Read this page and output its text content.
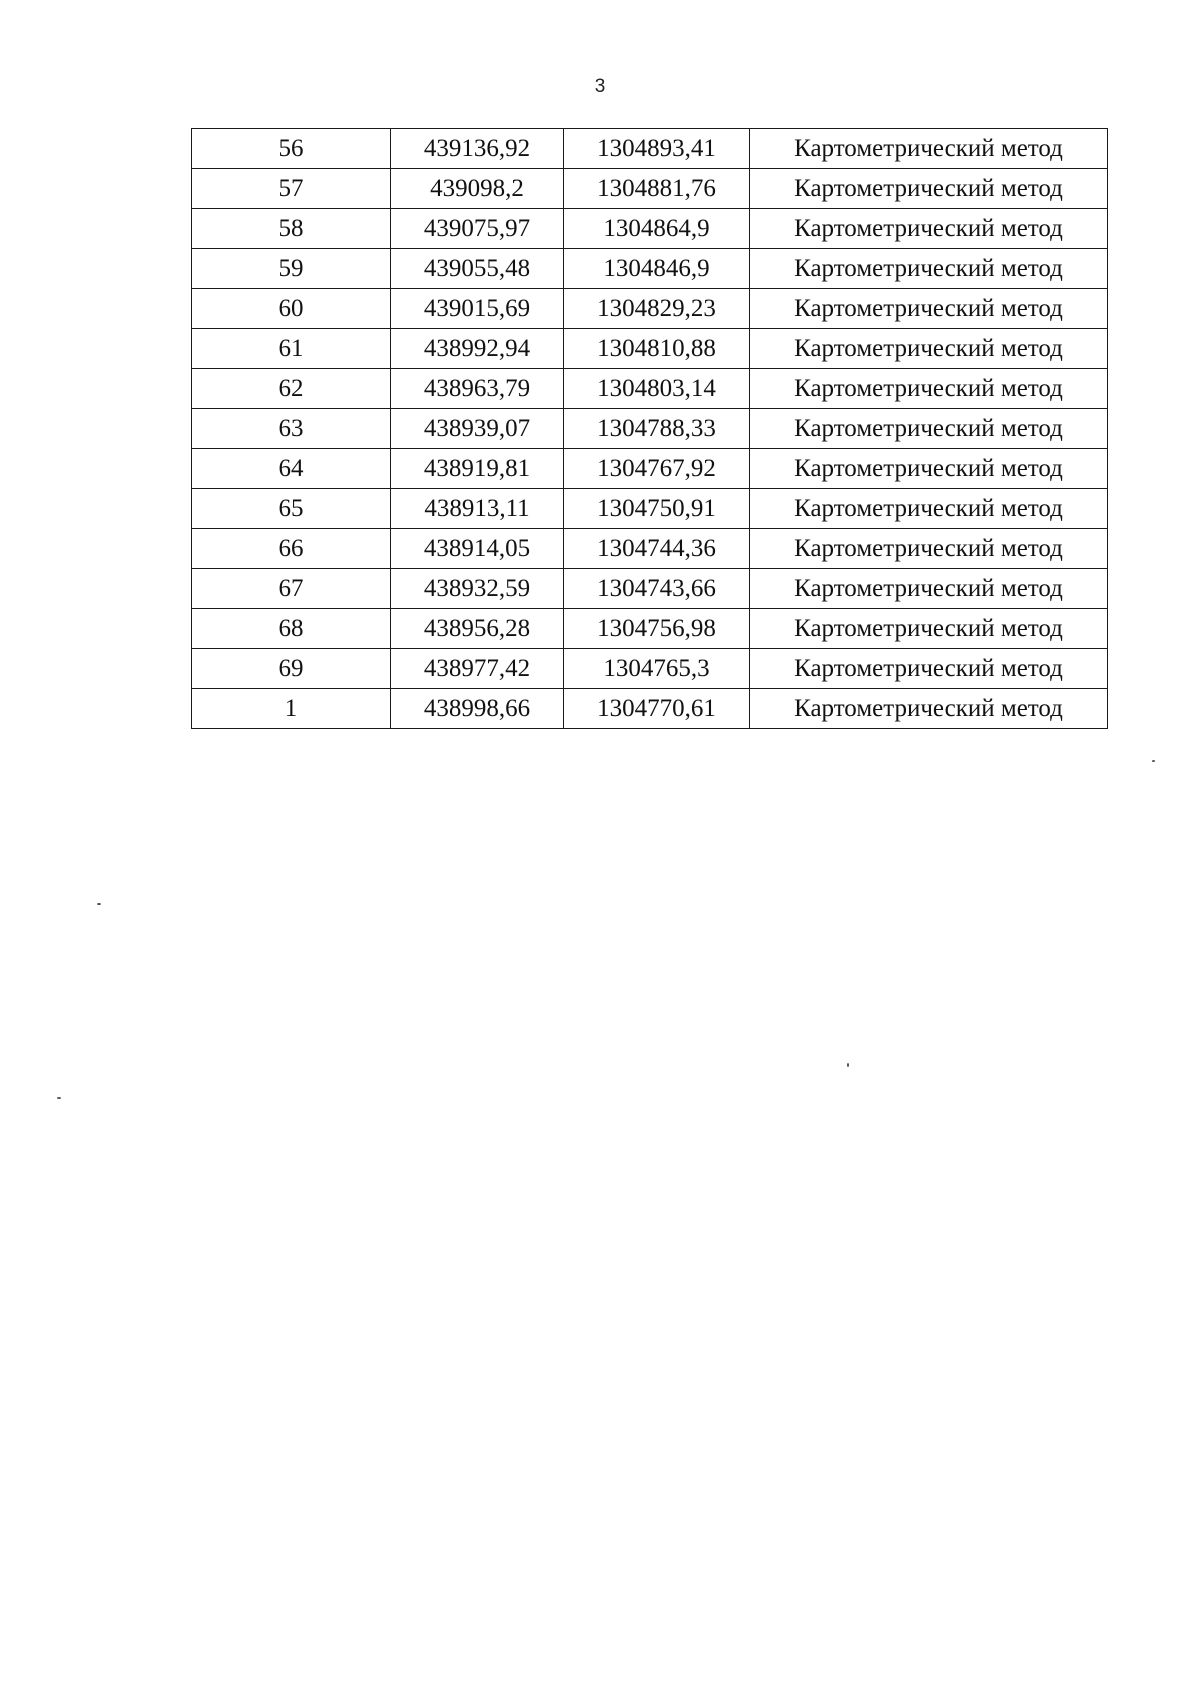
3
56	439136,92	1304893,41	Картометрический метод
57	439098,2	1304881,76	Картометрический метод
58	439075,97	1304864,9	Картометрический метод
59	439055,48	1304846,9	Картометрический метод
60	439015,69	1304829,23	Картометрический метод
61	438992,94	1304810,88	Картометрический метод
62	438963,79	1304803,14	Картометрический метод
63	438939,07	1304788,33	Картометрический метод
64	438919,81	1304767,92	Картометрический метод
65	438913,11	1304750,91	Картометрический метод
66	438914,05	1304744,36	Картометрический метод
67	438932,59	1304743,66	Картометрический метод
68	438956,28	1304756,98	Картометрический метод
69	438977,42	1304765,3	Картометрический метод
1	438998,66	1304770,61	Картометрический метод
